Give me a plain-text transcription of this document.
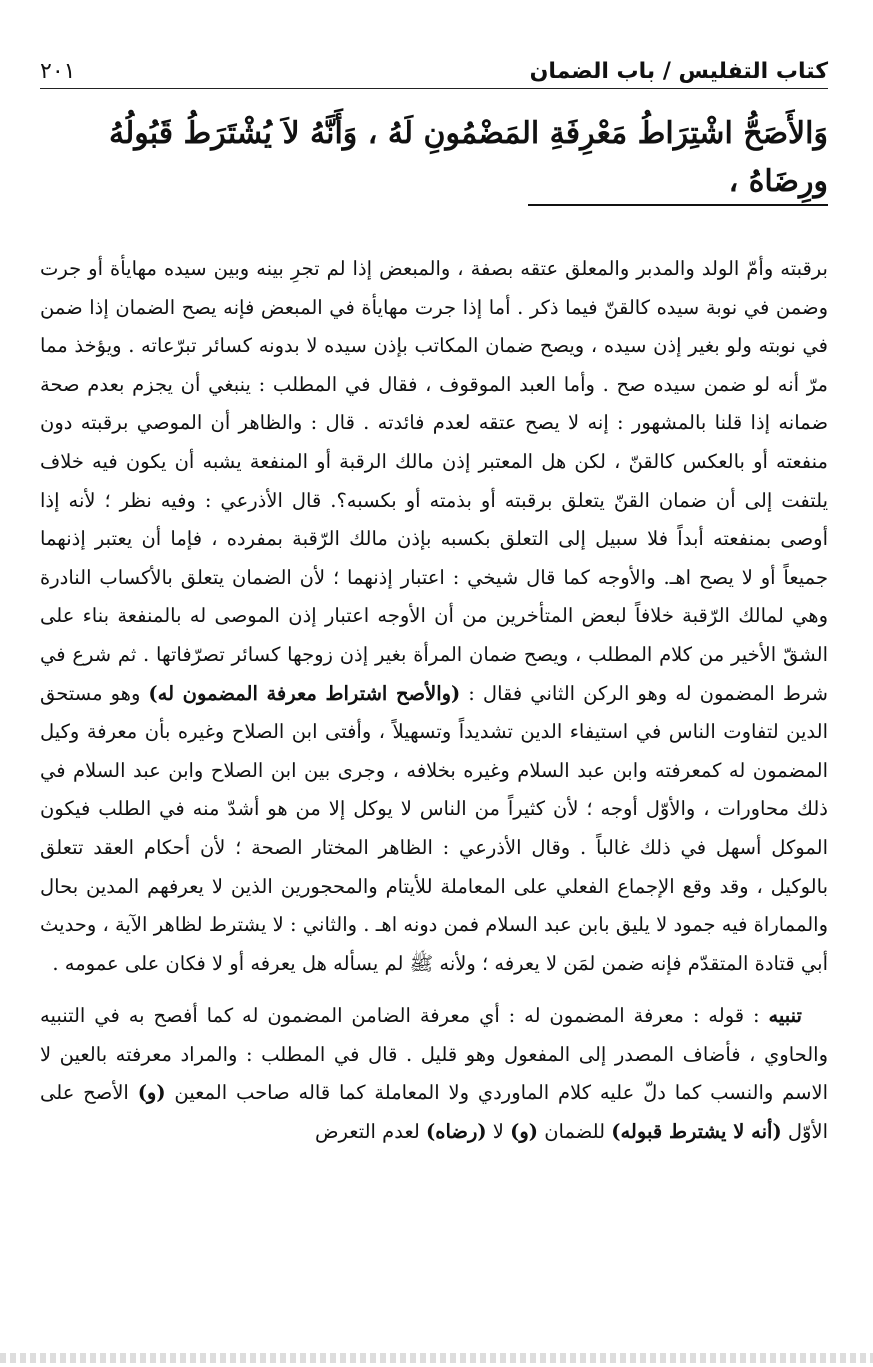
كتاب التفليس / باب الضمان
٢٠١
وَالأَصَحُّ اشْتِرَاطُ مَعْرِفَةِ المَضْمُونِ لَهُ ، وَأَنَّهُ لاَ يُشْتَرَطُ قَبُولُهُ ورِضَاهُ ،

برقبته وأمّ الولد والمدبر والمعلق عتقه بصفة ، والمبعض إذا لم تجرِ بينه وبين سيده مهايأة أو جرت وضمن في نوبة سيده كالقنّ فيما ذكر . أما إذا جرت مهايأة في المبعض فإنه يصح الضمان إذا ضمن في نوبته ولو بغير إذن سيده ، ويصح ضمان المكاتب بإذن سيده لا بدونه كسائر تبرّعاته . ويؤخذ مما مرّ أنه لو ضمن سيده صح . وأما العبد الموقوف ، فقال في المطلب : ينبغي أن يجزم بعدم صحة ضمانه إذا قلنا بالمشهور : إنه لا يصح عتقه لعدم فائدته . قال : والظاهر أن الموصي برقبته دون منفعته أو بالعكس كالقنّ ، لكن هل المعتبر إذن مالك الرقبة أو المنفعة يشبه أن يكون فيه خلاف يلتفت إلى أن ضمان القنّ يتعلق برقبته أو بذمته أو بكسبه؟. قال الأذرعي : وفيه نظر ؛ لأنه إذا أوصى بمنفعته أبداً فلا سبيل إلى التعلق بكسبه بإذن مالك الرّقبة بمفرده ، فإما أن يعتبر إذنهما جميعاً أو لا يصح اهـ. والأوجه كما قال شيخي : اعتبار إذنهما ؛ لأن الضمان يتعلق بالأكساب النادرة وهي لمالك الرّقبة خلافاً لبعض المتأخرين من أن الأوجه اعتبار إذن الموصى له بالمنفعة بناء على الشقّ الأخير من كلام المطلب ، ويصح ضمان المرأة بغير إذن زوجها كسائر تصرّفاتها . ثم شرع في شرط المضمون له وهو الركن الثاني فقال : (والأصح اشتراط معرفة المضمون له) وهو مستحق الدين لتفاوت الناس في استيفاء الدين تشديداً وتسهيلاً ، وأفتى ابن الصلاح وغيره بأن معرفة وكيل المضمون له كمعرفته وابن عبد السلام وغيره بخلافه ، وجرى بين ابن الصلاح وابن عبد السلام في ذلك محاورات ، والأوّل أوجه ؛ لأن كثيراً من الناس لا يوكل إلا من هو أشدّ منه في الطلب فيكون الموكل أسهل في ذلك غالباً . وقال الأذرعي : الظاهر المختار الصحة ؛ لأن أحكام العقد تتعلق بالوكيل ، وقد وقع الإجماع الفعلي على المعاملة للأيتام والمحجورين الذين لا يعرفهم المدين بحال والمماراة فيه جمود لا يليق بابن عبد السلام فمن دونه اهـ . والثاني : لا يشترط لظاهر الآية ، وحديث أبي قتادة المتقدّم فإنه ضمن لمَن لا يعرفه ؛ ولأنه ﷺ لم يسأله هل يعرفه أو لا فكان على عمومه .

تنبيه : قوله : معرفة المضمون له : أي معرفة الضامن المضمون له كما أفصح به في التنبيه والحاوي ، فأضاف المصدر إلى المفعول وهو قليل . قال في المطلب : والمراد معرفته بالعين لا الاسم والنسب كما دلّ عليه كلام الماوردي ولا المعاملة كما قاله صاحب المعين (و) الأصح على الأوّل (أنه لا يشترط قبوله) للضمان (و) لا (رضاه) لعدم التعرض
